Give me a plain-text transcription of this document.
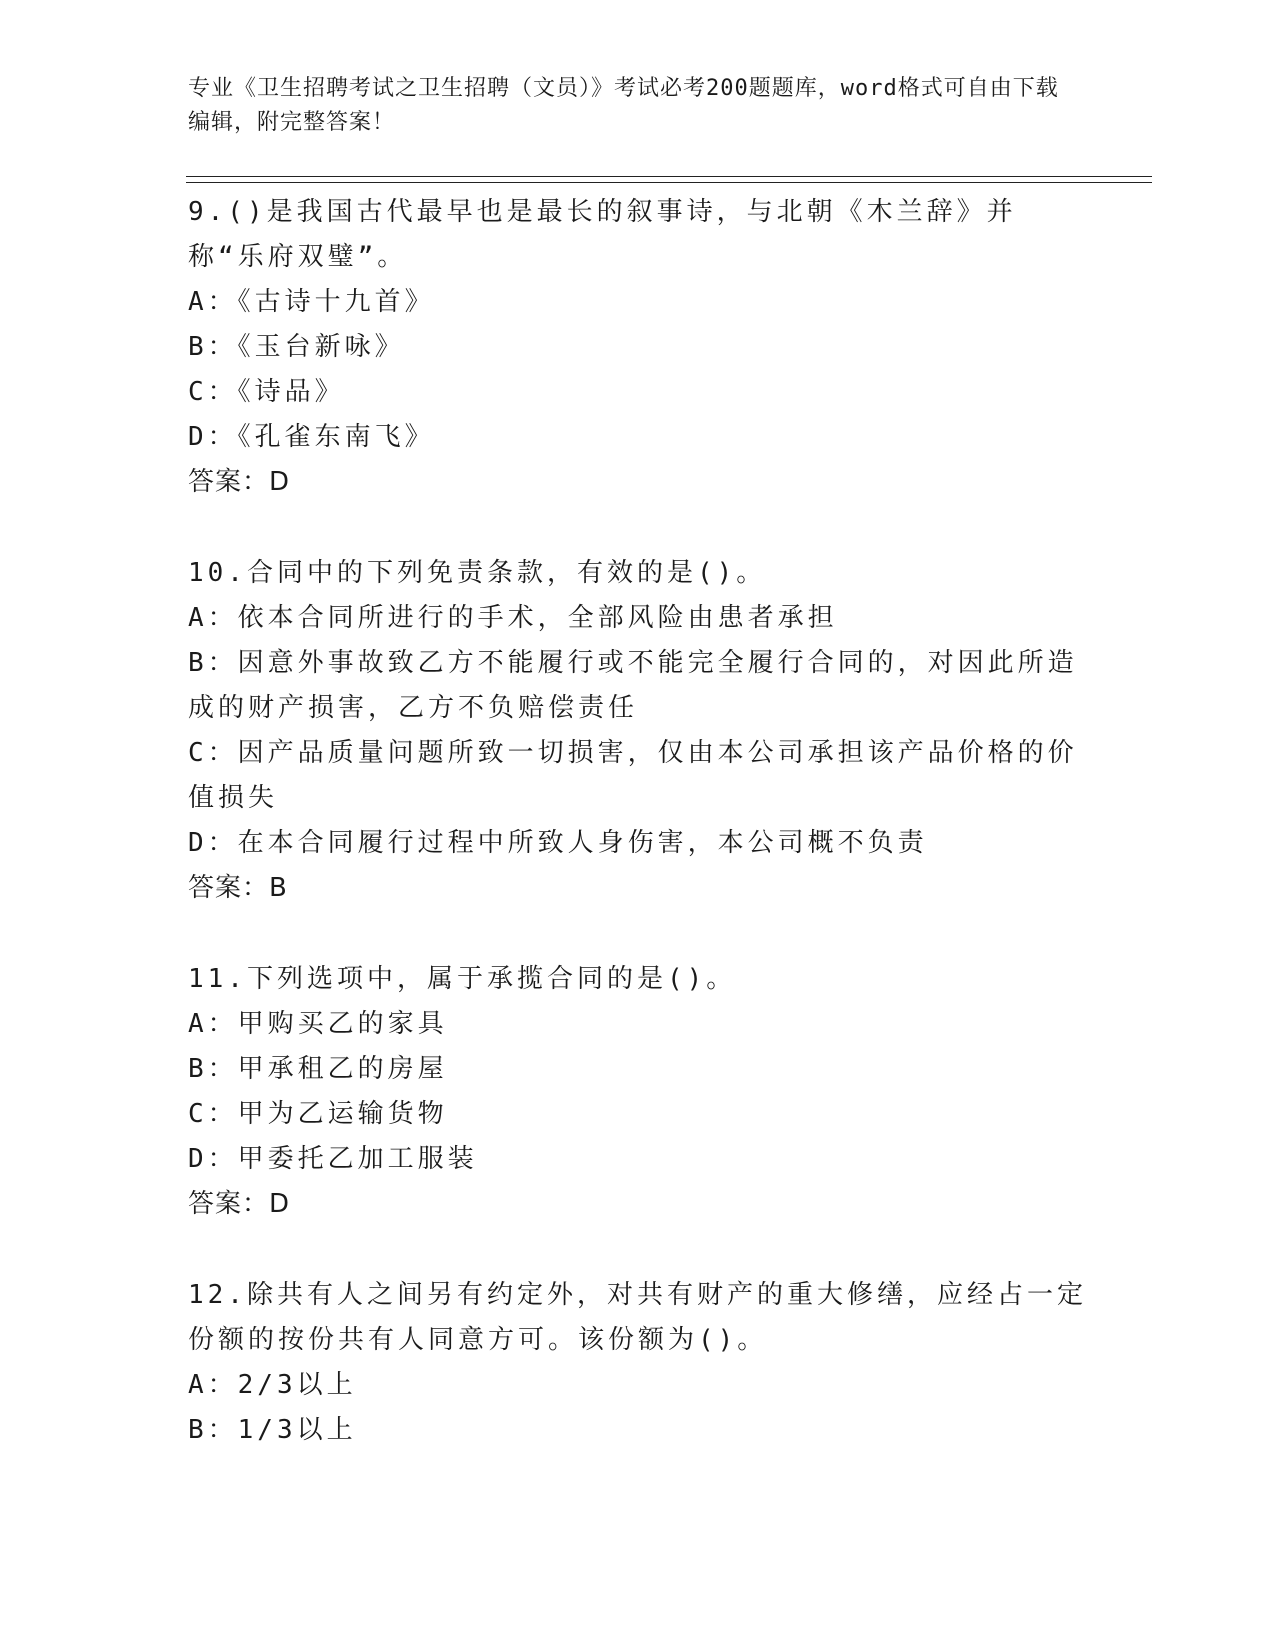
专业《卫生招聘考试之卫生招聘（文员）》考试必考200题题库，word格式可自由下载编辑，附完整答案！
9.()是我国古代最早也是最长的叙事诗，与北朝《木兰辞》并称“乐府双璧”。
A：《古诗十九首》
B：《玉台新咏》
C：《诗品》
D：《孔雀东南飞》
答案：D
10.合同中的下列免责条款，有效的是()。
A：依本合同所进行的手术，全部风险由患者承担
B：因意外事故致乙方不能履行或不能完全履行合同的，对因此所造成的财产损害，乙方不负赔偿责任
C：因产品质量问题所致一切损害，仅由本公司承担该产品价格的价值损失
D：在本合同履行过程中所致人身伤害，本公司概不负责
答案：B
11.下列选项中，属于承揽合同的是()。
A：甲购买乙的家具
B：甲承租乙的房屋
C：甲为乙运输货物
D：甲委托乙加工服装
答案：D
12.除共有人之间另有约定外，对共有财产的重大修缮，应经占一定份额的按份共有人同意方可。该份额为()。
A：2/3以上
B：1/3以上
